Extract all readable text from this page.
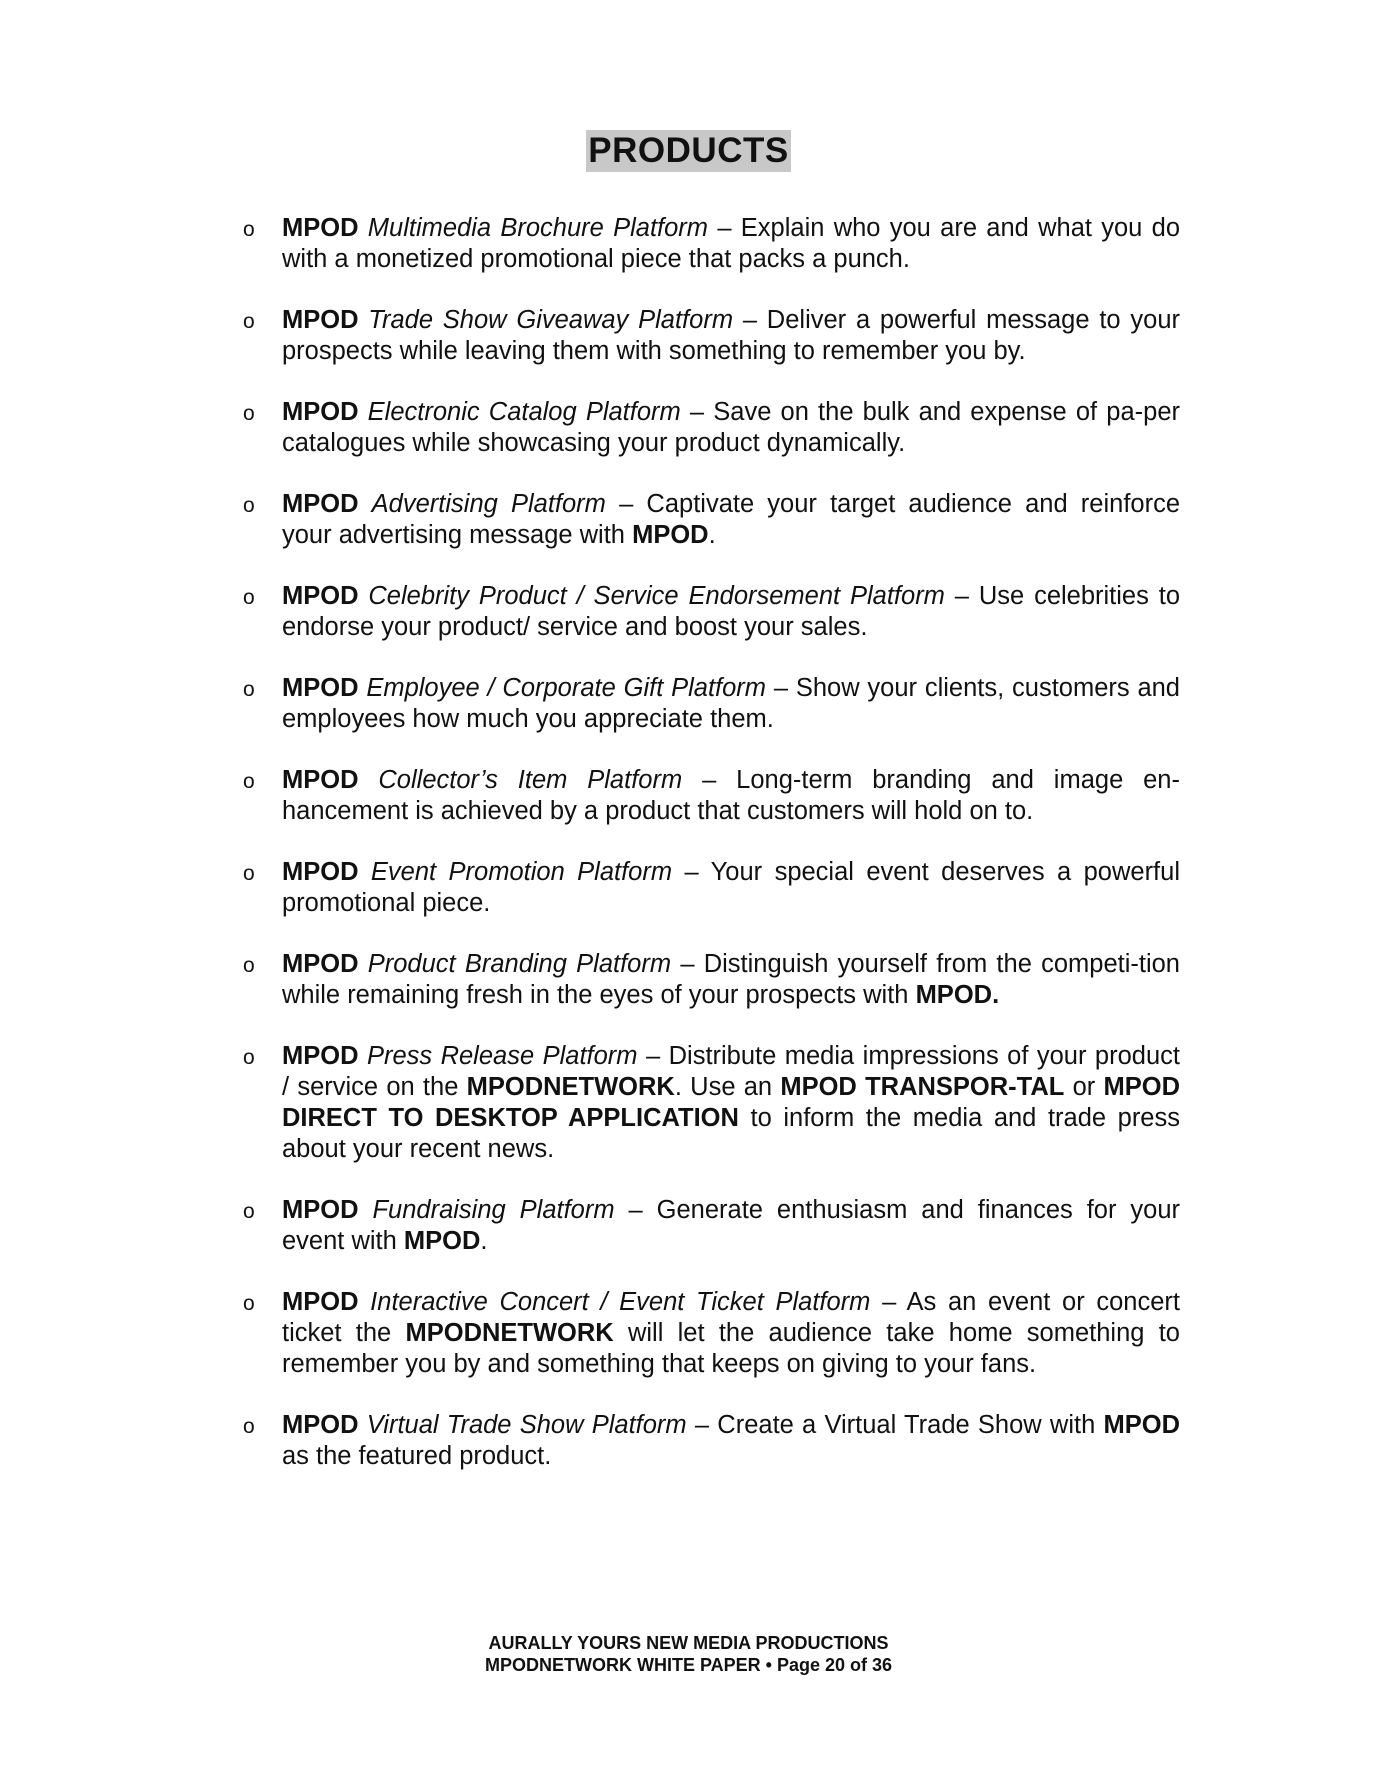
PRODUCTS
o MPOD Multimedia Brochure Platform – Explain who you are and what you do with a monetized promotional piece that packs a punch.
o MPOD Trade Show Giveaway Platform – Deliver a powerful message to your prospects while leaving them with something to remember you by.
o MPOD Electronic Catalog Platform – Save on the bulk and expense of pa-per catalogues while showcasing your product dynamically.
o MPOD Advertising Platform – Captivate your target audience and reinforce your advertising message with MPOD.
o MPOD Celebrity Product / Service Endorsement Platform – Use celebrities to endorse your product/ service and boost your sales.
o MPOD Employee / Corporate Gift Platform – Show your clients, customers and employees how much you appreciate them.
o MPOD Collector’s Item Platform – Long-term branding and image en-hancement is achieved by a product that customers will hold on to.
o MPOD Event Promotion Platform – Your special event deserves a powerful promotional piece.
o MPOD Product Branding Platform – Distinguish yourself from the competi-tion while remaining fresh in the eyes of your prospects with MPOD.
o MPOD Press Release Platform – Distribute media impressions of your product / service on the MPODNETWORK. Use an MPOD TRANSPOR-TAL or MPOD DIRECT TO DESKTOP APPLICATION to inform the media and trade press about your recent news.
o MPOD Fundraising Platform – Generate enthusiasm and finances for your event with MPOD.
o MPOD Interactive Concert / Event Ticket Platform – As an event or concert ticket the MPODNETWORK will let the audience take home something to remember you by and something that keeps on giving to your fans.
o MPOD Virtual Trade Show Platform – Create a Virtual Trade Show with MPOD as the featured product.
AURALLY YOURS NEW MEDIA PRODUCTIONS
MPODNETWORK WHITE PAPER • Page 20 of 36
